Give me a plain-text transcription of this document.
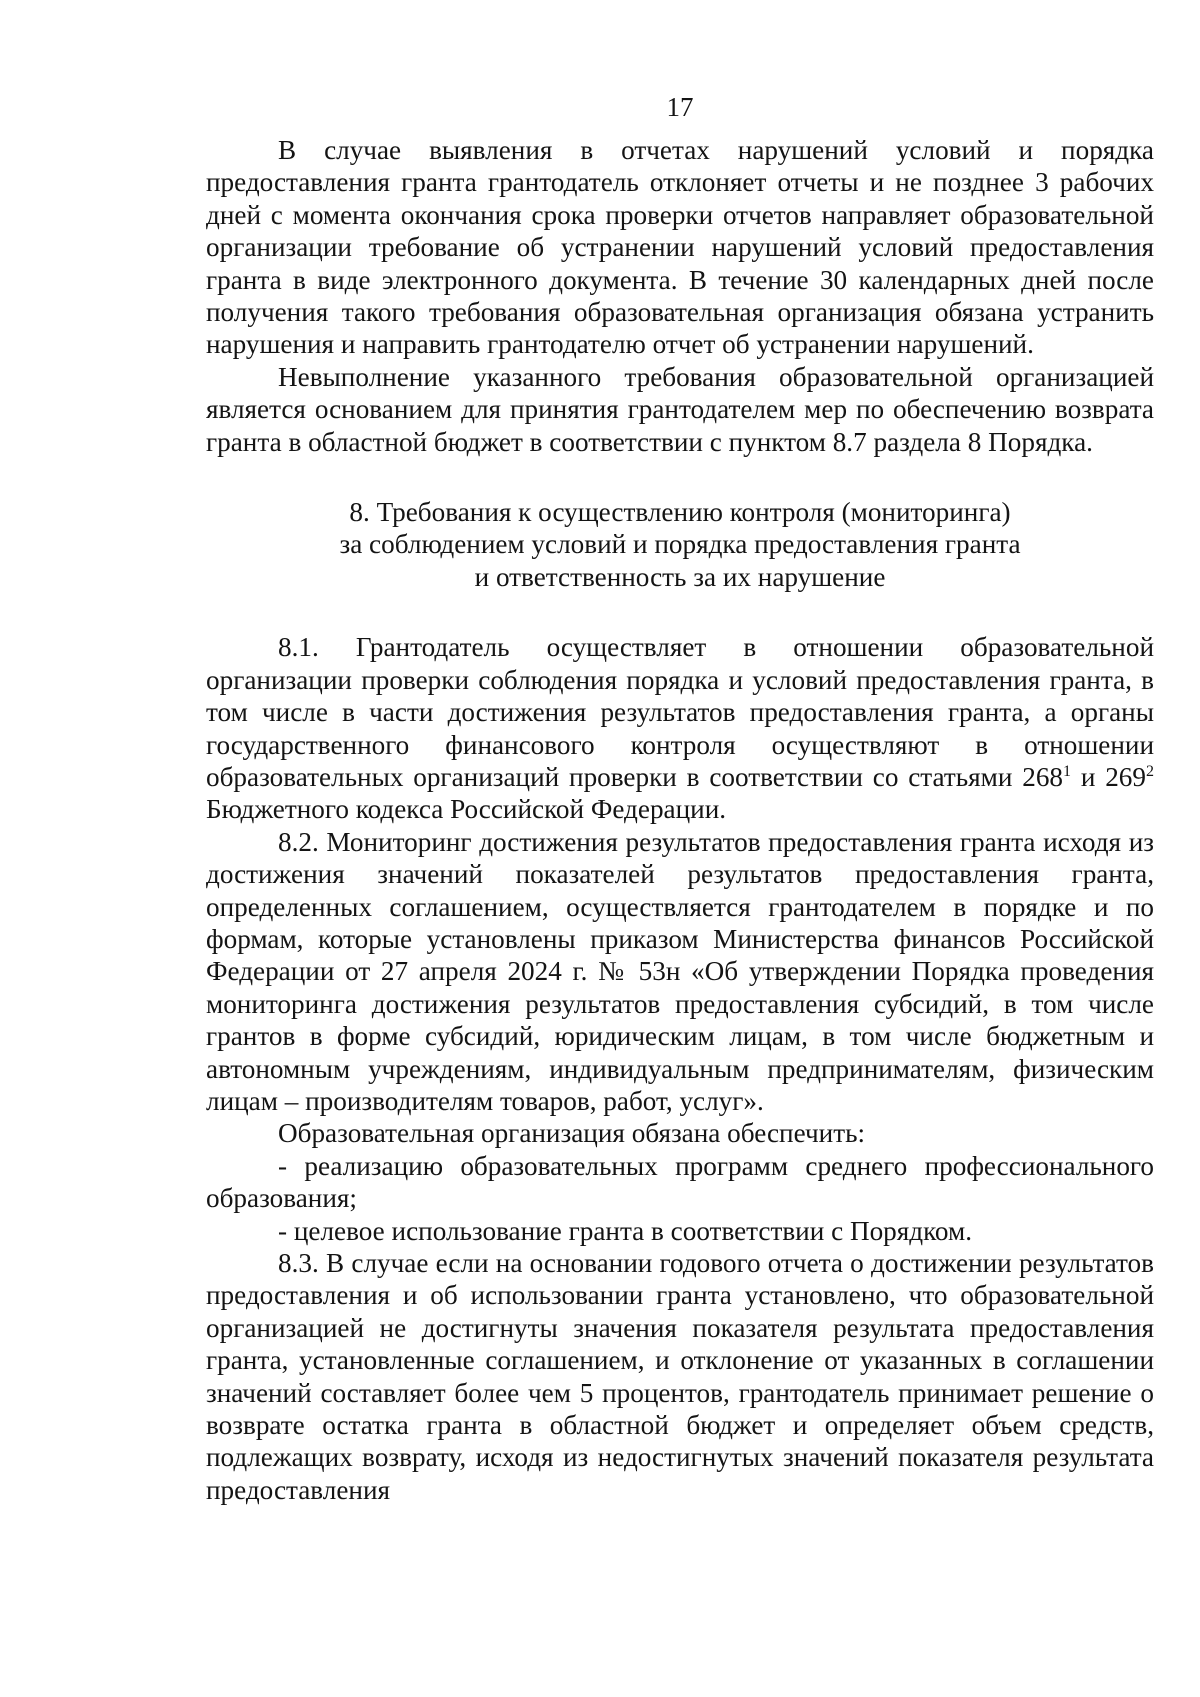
17

В случае выявления в отчетах нарушений условий и порядка предоставления гранта грантодатель отклоняет отчеты и не позднее 3 рабочих дней с момента окончания срока проверки отчетов направляет образовательной организации требование об устранении нарушений условий предоставления гранта в виде электронного документа. В течение 30 календарных дней после получения такого требования образовательная организация обязана устранить нарушения и направить грантодателю отчет об устранении нарушений.

Невыполнение указанного требования образовательной организацией является основанием для принятия грантодателем мер по обеспечению возврата гранта в областной бюджет в соответствии с пунктом 8.7 раздела 8 Порядка.

8. Требования к осуществлению контроля (мониторинга)
за соблюдением условий и порядка предоставления гранта
и ответственность за их нарушение

8.1. Грантодатель осуществляет в отношении образовательной организации проверки соблюдения порядка и условий предоставления гранта, в том числе в части достижения результатов предоставления гранта, а органы государственного финансового контроля осуществляют в отношении образовательных организаций проверки в соответствии со статьями $268^1$ и $269^2$ Бюджетного кодекса Российской Федерации.

8.2. Мониторинг достижения результатов предоставления гранта исходя из достижения значений показателей результатов предоставления гранта, определенных соглашением, осуществляется грантодателем в порядке и по формам, которые установлены приказом Министерства финансов Российской Федерации от 27 апреля 2024 г. № 53н «Об утверждении Порядка проведения мониторинга достижения результатов предоставления субсидий, в том числе грантов в форме субсидий, юридическим лицам, в том числе бюджетным и автономным учреждениям, индивидуальным предпринимателям, физическим лицам – производителям товаров, работ, услуг».

Образовательная организация обязана обеспечить:

- реализацию образовательных программ среднего профессионального образования;

- целевое использование гранта в соответствии с Порядком.

8.3. В случае если на основании годового отчета о достижении результатов предоставления и об использовании гранта установлено, что образовательной организацией не достигнуты значения показателя результата предоставления гранта, установленные соглашением, и отклонение от указанных в соглашении значений составляет более чем 5 процентов, грантодатель принимает решение о возврате остатка гранта в областной бюджет и определяет объем средств, подлежащих возврату, исходя из недостигнутых значений показателя результата предоставления
